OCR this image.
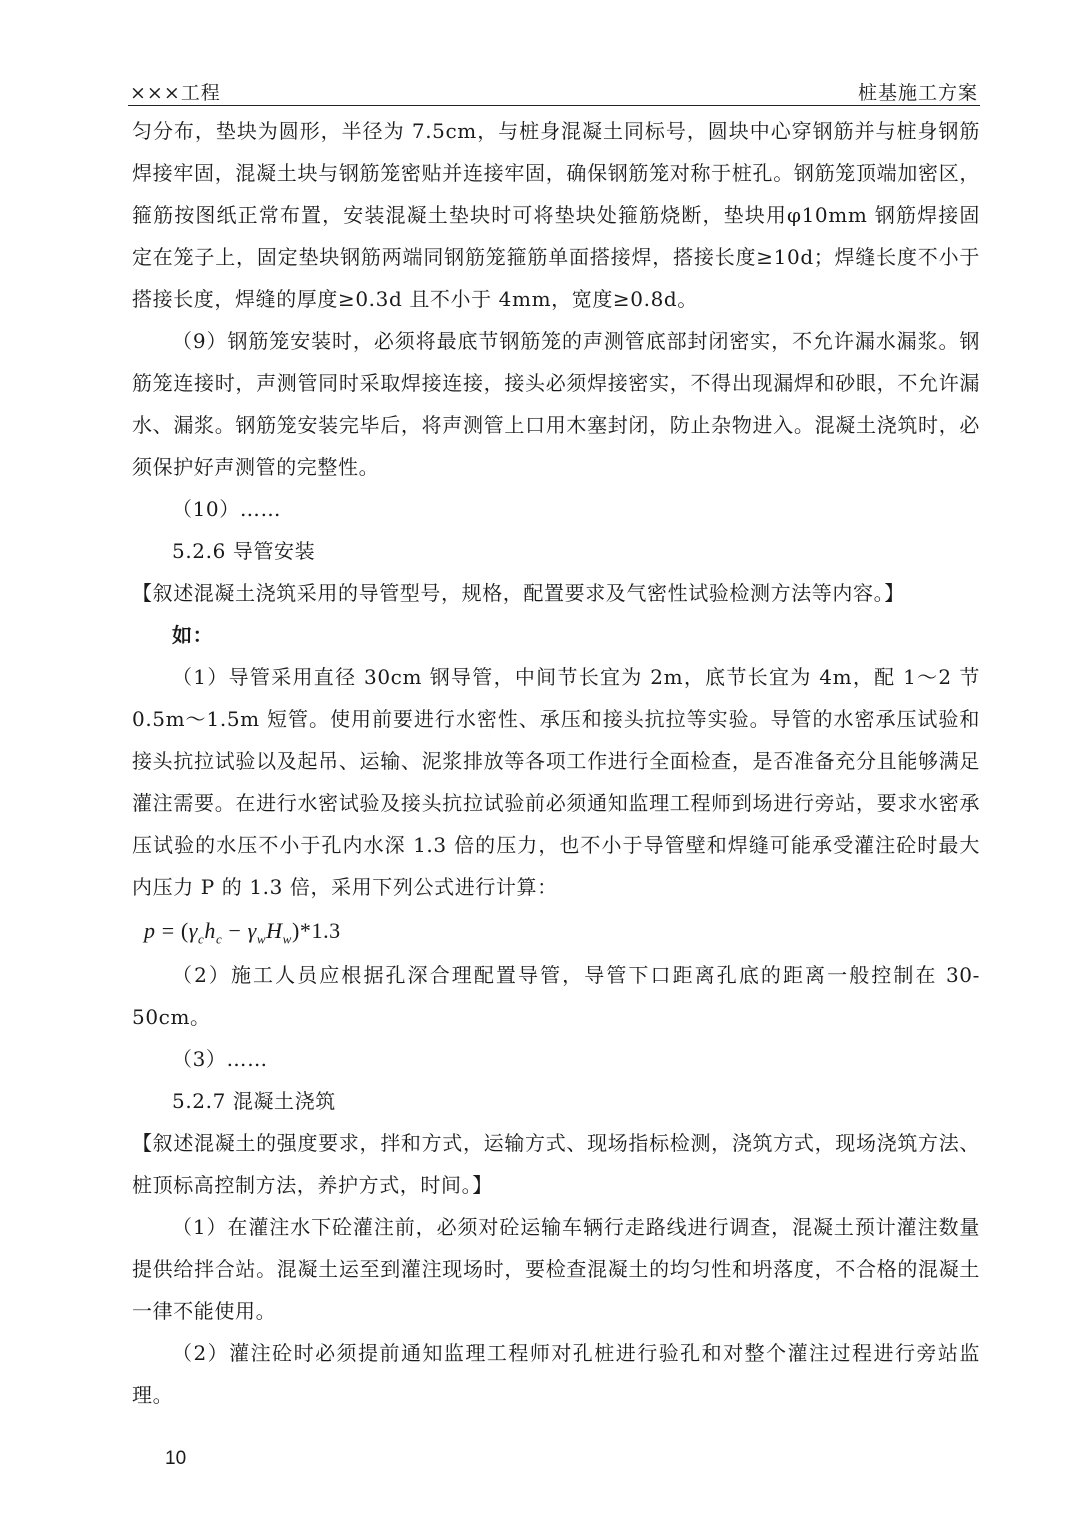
×××工程	桩基施工方案

匀分布，垫块为圆形，半径为 7.5cm，与桩身混凝土同标号，圆块中心穿钢筋并与桩身钢筋焊接牢固，混凝土块与钢筋笼密贴并连接牢固，确保钢筋笼对称于桩孔。钢筋笼顶端加密区，箍筋按图纸正常布置，安装混凝土垫块时可将垫块处箍筋烧断，垫块用φ10mm 钢筋焊接固定在笼子上，固定垫块钢筋两端同钢筋笼箍筋单面搭接焊，搭接长度≥10d；焊缝长度不小于搭接长度，焊缝的厚度≥0.3d 且不小于 4mm，宽度≥0.8d。

（9）钢筋笼安装时，必须将最底节钢筋笼的声测管底部封闭密实，不允许漏水漏浆。钢筋笼连接时，声测管同时采取焊接连接，接头必须焊接密实，不得出现漏焊和砂眼，不允许漏水、漏浆。钢筋笼安装完毕后，将声测管上口用木塞封闭，防止杂物进入。混凝土浇筑时，必须保护好声测管的完整性。

（10）……

5.2.6 导管安装

【叙述混凝土浇筑采用的导管型号，规格，配置要求及气密性试验检测方法等内容。】

如：

（1）导管采用直径 30cm 钢导管，中间节长宜为 2m，底节长宜为 4m，配 1～2 节 0.5m～1.5m 短管。使用前要进行水密性、承压和接头抗拉等实验。导管的水密承压试验和接头抗拉试验以及起吊、运输、泥浆排放等各项工作进行全面检查，是否准备充分且能够满足灌注需要。在进行水密试验及接头抗拉试验前必须通知监理工程师到场进行旁站，要求水密承压试验的水压不小于孔内水深 1.3 倍的压力，也不小于导管壁和焊缝可能承受灌注砼时最大内压力 P 的 1.3 倍，采用下列公式进行计算：

$p = (\gamma_ch_c - \gamma_wH_w)*1.3$

（2）施工人员应根据孔深合理配置导管，导管下口距离孔底的距离一般控制在 30-50cm。

（3）……

5.2.7 混凝土浇筑

【叙述混凝土的强度要求，拌和方式，运输方式、现场指标检测，浇筑方式，现场浇筑方法、桩顶标高控制方法，养护方式，时间。】

（1）在灌注水下砼灌注前，必须对砼运输车辆行走路线进行调查，混凝土预计灌注数量提供给拌合站。混凝土运至到灌注现场时，要检查混凝土的均匀性和坍落度，不合格的混凝土一律不能使用。

（2）灌注砼时必须提前通知监理工程师对孔桩进行验孔和对整个灌注过程进行旁站监理。

10
